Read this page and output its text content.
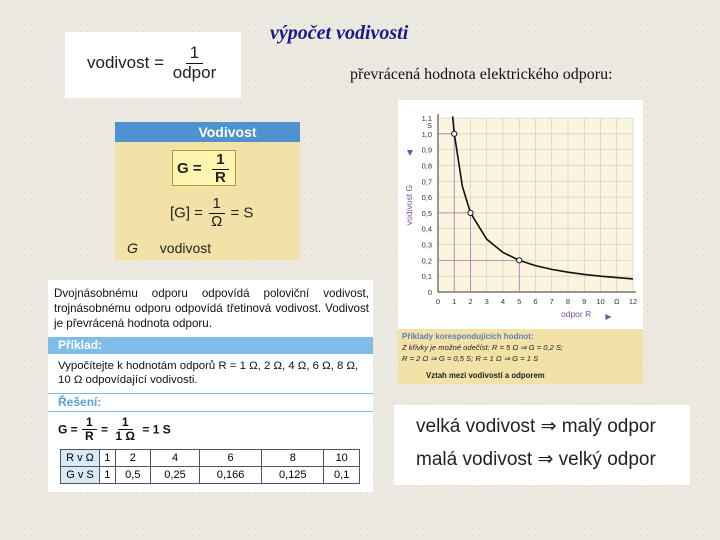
výpočet vodivosti
převrácená hodnota elektrického odporu:
vodivost = $\frac{1}{\text{odpor}}$
Vodivost
$G = \frac{1}{R}$
$[G] = \frac{1}{\Omega} = S$
G vodivost
Dvojnásobnému odporu odpovídá poloviční vodivost, trojnásobnému odporu odpovídá třetinová vodivost. Vodivost je převrácená hodnota odporu.
Příklad:
Vypočítejte k hodnotám odporů R = 1 Ω, 2 Ω, 4 Ω, 6 Ω, 8 Ω, 10 Ω odpovídající vodivosti.
Řešení:
$G = \frac{1}{R} = \frac{1}{1 \Omega} = 1$ S
R v Ω	1	2	4	6	8	10
G v S	1	0,5	0,25	0,166	0,125	0,1
0 1 2 3 4 5 6 7 8 9 10 Ω 12
0
0,1
0,2
0,3
0,4
0,5
0,6
0,7
0,8
0,9
1,0
1,1
S
odpor R
vodivost G
Příklady korespondujících hodnot:
Z křivky je možné odečíst: R = 5 Ω ⇒ G = 0,2 S;
R = 2 Ω ⇒ G = 0,5 S; R = 1 Ω ⇒ G = 1 S
Vztah mezi vodivostí a odporem
velká vodivost ⇒ malý odpor
malá vodivost ⇒ velký odpor
